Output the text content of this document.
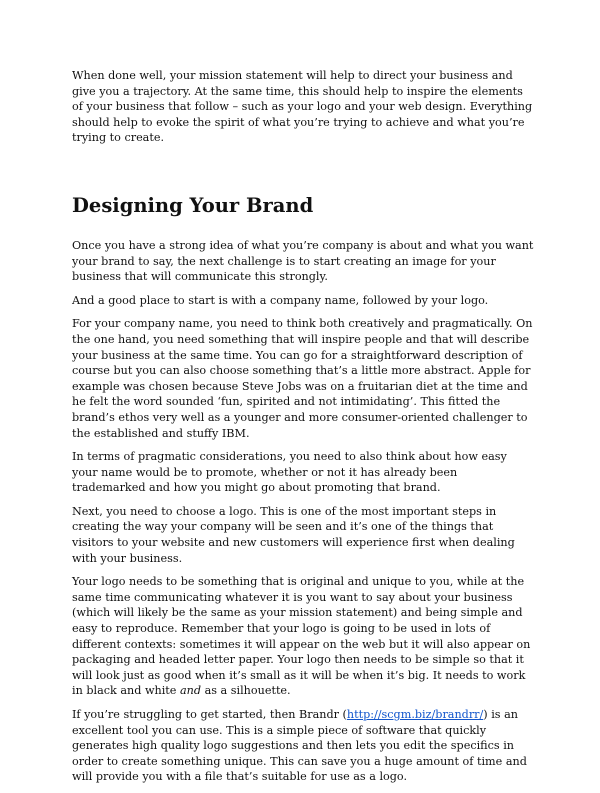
When done well, your mission statement will help to direct your business and give you a trajectory. At the same time, this should help to inspire the elements of your business that follow – such as your logo and your web design. Everything should help to evoke the spirit of what you’re trying to achieve and what you’re trying to create.

Designing Your Brand

Once you have a strong idea of what you’re company is about and what you want your brand to say, the next challenge is to start creating an image for your business that will communicate this strongly.

And a good place to start is with a company name, followed by your logo.

For your company name, you need to think both creatively and pragmatically. On the one hand, you need something that will inspire people and that will describe your business at the same time. You can go for a straightforward description of course but you can also choose something that’s a little more abstract. Apple for example was chosen because Steve Jobs was on a fruitarian diet at the time and he felt the word sounded ‘fun, spirited and not intimidating’. This fitted the brand’s ethos very well as a younger and more consumer-oriented challenger to the established and stuffy IBM.

In terms of pragmatic considerations, you need to also think about how easy your name would be to promote, whether or not it has already been trademarked and how you might go about promoting that brand.

Next, you need to choose a logo. This is one of the most important steps in creating the way your company will be seen and it’s one of the things that visitors to your website and new customers will experience first when dealing with your business.

Your logo needs to be something that is original and unique to you, while at the same time communicating whatever it is you want to say about your business (which will likely be the same as your mission statement) and being simple and easy to reproduce. Remember that your logo is going to be used in lots of different contexts: sometimes it will appear on the web but it will also appear on packaging and headed letter paper. Your logo then needs to be simple so that it will look just as good when it’s small as it will be when it’s big. It needs to work in black and white and as a silhouette.

If you’re struggling to get started, then Brandr (http://scgm.biz/brandrr/) is an excellent tool you can use. This is a simple piece of software that quickly generates high quality logo suggestions and then lets you edit the specifics in order to create something unique. This can save you a huge amount of time and will provide you with a file that’s suitable for use as a logo.
